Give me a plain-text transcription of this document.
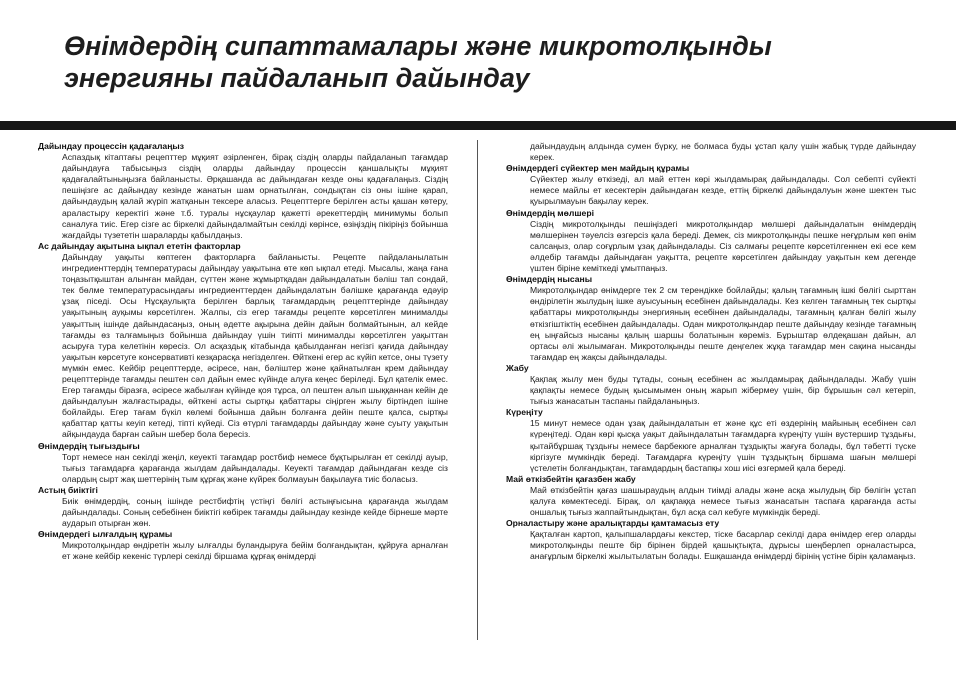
Өнімдердің сипаттамалары және микротолқынды
энергияны пайдаланып дайындау
Дайындау процессін қадағалаңыз

Аспаздық кітаптағы рецепттер мұқият әзірленген, бірақ сіздің оларды пайдаланып тағамдар дайындауға табысыңыз сіздің оларды дайындау процессін қаншалықты мұқият қадағалайтыныңызға байланысты. Әрқашанда ас дайындаған кезде оны қадағалаңыз. Сіздің пешіңізге ас дайындау кезінде жанатын шам орнатылған, сондықтан сіз оны ішіне қарап, дайындаудың қалай жүріп жатқанын тексере аласыз. Рецепттерге берілген асты қашан көтеру, араластыру керектігі және т.б. туралы нұсқаулар қажетті әрекеттердің минимумы болып саналуға тиіс. Егер сізге ас біркелкі дайындалмайтын секілді көрінсе, өзіңіздің пікіріңіз бойынша жағдайды түзететін шараларды қабылдаңыз.

Ас дайындау ақытына ықпал ететін факторлар

Дайындау уақыты көптеген факторларға байланысты. Рецепте пайдаланылатын ингредиенттердің температурасы дайындау уақытына өте көп ықпал етеді. Мысалы, жаңа ғана тоңазытқыштан алынған майдан, сүттен және жұмыртқадан дайындалатын бәліш тап сондай, тек бөлме температурасындағы ингредиенттерден дайындалатын бәлішке қарағанда едәуір ұзақ піседі. Осы Нұсқаулықта берілген барлық тағамдардың рецепттерінде дайындау уақытының ауқымы көрсетілген. Жалпы, сіз егер тағамды рецепте көрсетілген минималды уақыттың ішінде дайындасаңыз, оның әдетте ақырына дейін дайын болмайтынын, ал кейде тағамды өз талғамыңыз бойынша дайындау үшін тиіпті минималды көрсетілген уақыттан асыруға тура келетінін көресіз. Ол асқаздық кітабында қабылданған негізгі қағида дайындау уақытын көрсетуге консервативті кезқарасқа негізделген. Өйткені егер ас күйіп кетсе, оны түзету мүмкін емес. Кейбір рецепттерде, әсіресе, нан, бәліштер және қайнатылған крем дайындау рецепттерінде тағамды пештен сәл дайын емес күйінде алуға кеңес беріледі. Бұл қателік емес. Егер тағамды біразға, әсіресе жабылған күйінде қоя тұрса, ол пештен алып шыққаннан кейін де дайындалуын жалғастырады, өйткені асты сыртқы қабаттары сіңірген жылу біртіндеп ішіне бойлайды. Егер тағам бүкіл көлемі бойынша дайын болғанға дейін пеште қалса, сыртқы қабаттар қатты кеуіп кетеді, тіпті күйеді. Сіз өтүрлі тағамдарды дайындау және суыту уақытын айқындауда барған сайын шебер бола бересіз.

Өнімдердің тығыздығы

Торт немесе нан секілді жеңіл, кеуекті тағамдар ростбиф немесе бұқтырылған ет секілді ауыр, тығыз тағамдарға қарағанда жылдам дайындалады. Кеуекті тағамдар дайындаған кезде сіз олардың сырт жақ шеттерінің тым құрғақ және күйрек болмауын бақылауға тиіс боласыз.

Астың биіктігі

Биік өнімдердің, соның ішінде рестбифтің үстіңгі бөлігі астыңғысына қарағанда жылдам дайындалады. Соның себебінен биіктігі көбірек тағамды дайындау кезінде кейде бірнеше мәрте аударып отырған жөн.

Өнімдердегі ылғалдың құрамы

Микротолқындар өндіретін жылу ылғалды буландыруға бейім болғандықтан, құйруға арналған ет және кейбір кекеніс түрлері секілді біршама құрғақ өнімдерді

дайындаудың алдында сумен бүрку, не болмаса буды ұстап қалу үшін жабық түрде дайындау керек.

Өнімдердегі сүйектер мен майдың құрамы

Сүйектер жылу өткізеді, ал май еттен көрі жылдамырақ дайындалады. Сол себепті сүйекті немесе майлы ет кесектерін дайындаған кезде, еттің біркелкі дайындалуын және шектен тыс қуырылмауын бақылау керек.

Өнімдердің мөлшері

Сіздің микротолқынды пешіңіздегі микротолқындар мөлшері дайындалатын өнімдердің мөлшерінен тәуелсіз өзгерсіз қала береді. Демек, сіз микротолқынды пешке неғұрлым көп өнім салсаңыз, олар соғұрлым ұзақ дайындалады. Сіз салмағы рецепте көрсетілгеннен екі есе кем әлдебір тағамды дайындаған уақытта, рецепте көрсетілген дайындау уақытын кем дегенде үштен біріне кеміткеді ұмытпаңыз.

Өнімдердің нысаны

Микротолқындар өнімдерге тек 2 см терендікке бойлайды; қалың тағамның ішкі бөлігі сырттан өндірілетін жылудың ішке ауысуының есебінен дайындалады. Кез келген тағамның тек сыртқы қабаттары микротолқынды энергияның есебінен дайындалады, тағамның қалған бөлігі жылу өткізгіштіктің есебінен дайындалады. Одан микротолқындар пеште дайындау кезінде тағамның ең ыңғайсыз нысаны қалың шаршы болатынын көреміз. Бұрыштар өлдеқашан дайын, ал ортасы әлі жылымаған. Микротолқынды пеште деңгелек жұқа тағамдар мен сақина нысанды тағамдар ең жақсы дайындалады.

Жабу

Қақпақ жылу мен буды тұтады, соның есебінен ас жылдамырақ дайындалады. Жабу үшін қақпақты немесе будың қысымымен оның жарып жібермеу үшін, бір бұрышын сәл кетеріп, тығыз жанасатын таспаны пайдаланыңыз.

Күреңіту

15 минут немесе одан ұзақ дайындалатын ет және құс еті өздерінің майының есебінен сәл күреңітеді. Одан көрі қысқа уақыт дайындалатын тағамдарға күреңіту үшін вустершир тұздығы, қытайбұршақ тұздығы немесе барбекюге арналған тұздықты жағуға болады, бұл тәбетті түске кіргізуге мүмкіндік береді. Тағамдарға күреңіту үшін тұздықтың біршама шағын мөлшері үстелетін болғандықтан, тағамдардың бастапқы хош иісі өзгермей қала береді.

Май өткізбейтін қағазбен жабу

Май өткізбейтін қағаз шашыраудың алдын тиімді алады және асқа жылудың бір бөлігін ұстап қалуға көмектеседі. Бірақ, ол қақпаққа немесе тығыз жанасатын таспаға қарағанда асты оншалық тығыз жаппайтындықтан, бұл асқа сәл кебуге мүмкіндік береді.

Орналастыру және аралықтарды қамтамасыз ету

Қақталған картоп, қалыпшалардағы кекстер, тіске басарлар секілді дара өнімдер егер оларды микротолқынды пеште бір бірінен бірдей қашықтықта, дұрысы шеңберлеп орналастырса, анағұрлым біркелкі жылытылатын болады. Ешқашанда өнімдерді бірінің үстіне бірін қаламаңыз.
